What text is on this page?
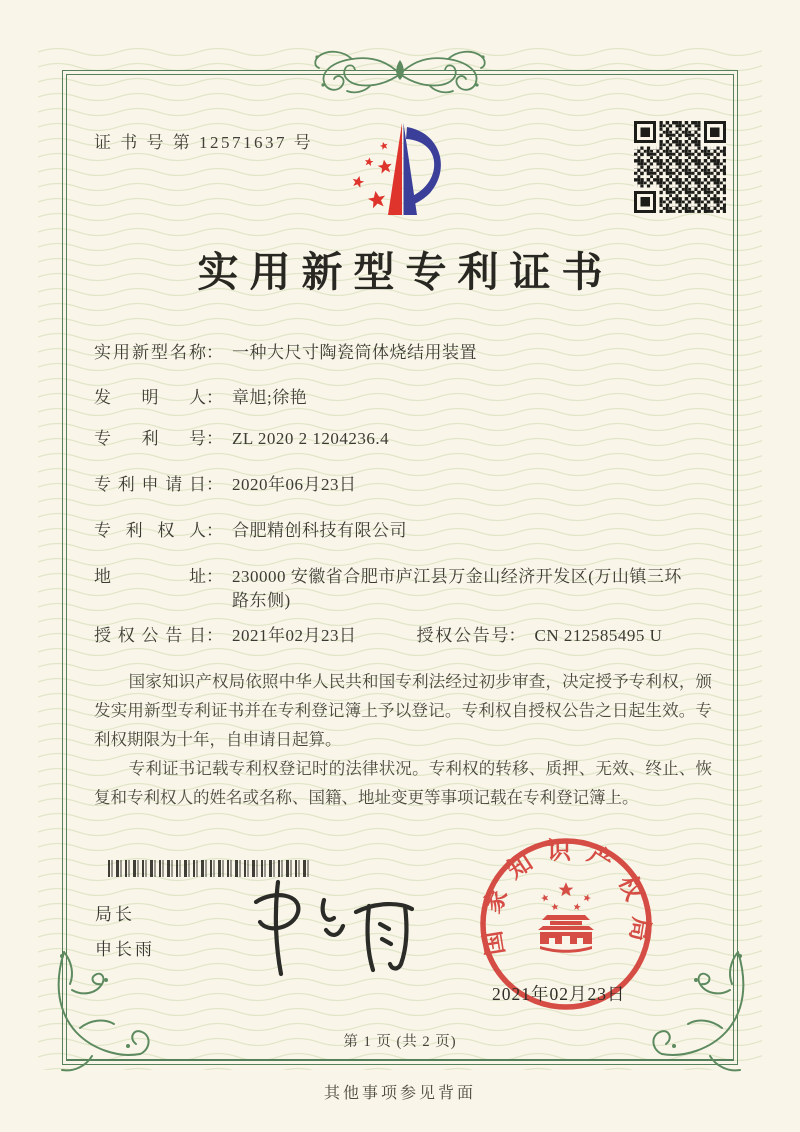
证 书 号 第 12571637 号
实用新型专利证书
实用新型名称 ： 一种大尺寸陶瓷筒体烧结用装置
发明人 ： 章旭;徐艳
专利号 ： ZL 2020 2 1204236.4
专利申请日 ： 2020年06月23日
专利权人 ： 合肥精创科技有限公司
地址 ： 230000 安徽省合肥市庐江县万金山经济开发区(万山镇三环路东侧)
授权公告日 ： 2021年02月23日	授权公告号 ： CN 212585495 U

国家知识产权局依照中华人民共和国专利法经过初步审查，决定授予专利权，颁发实用新型专利证书并在专利登记簿上予以登记。专利权自授权公告之日起生效。专利权期限为十年，自申请日起算。

专利证书记载专利权登记时的法律状况。专利权的转移、质押、无效、终止、恢复和专利权人的姓名或名称、国籍、地址变更等事项记载在专利登记簿上。

局长
申长雨	国家知识产权局
2021年02月23日
第 1 页 (共 2 页)
其他事项参见背面
